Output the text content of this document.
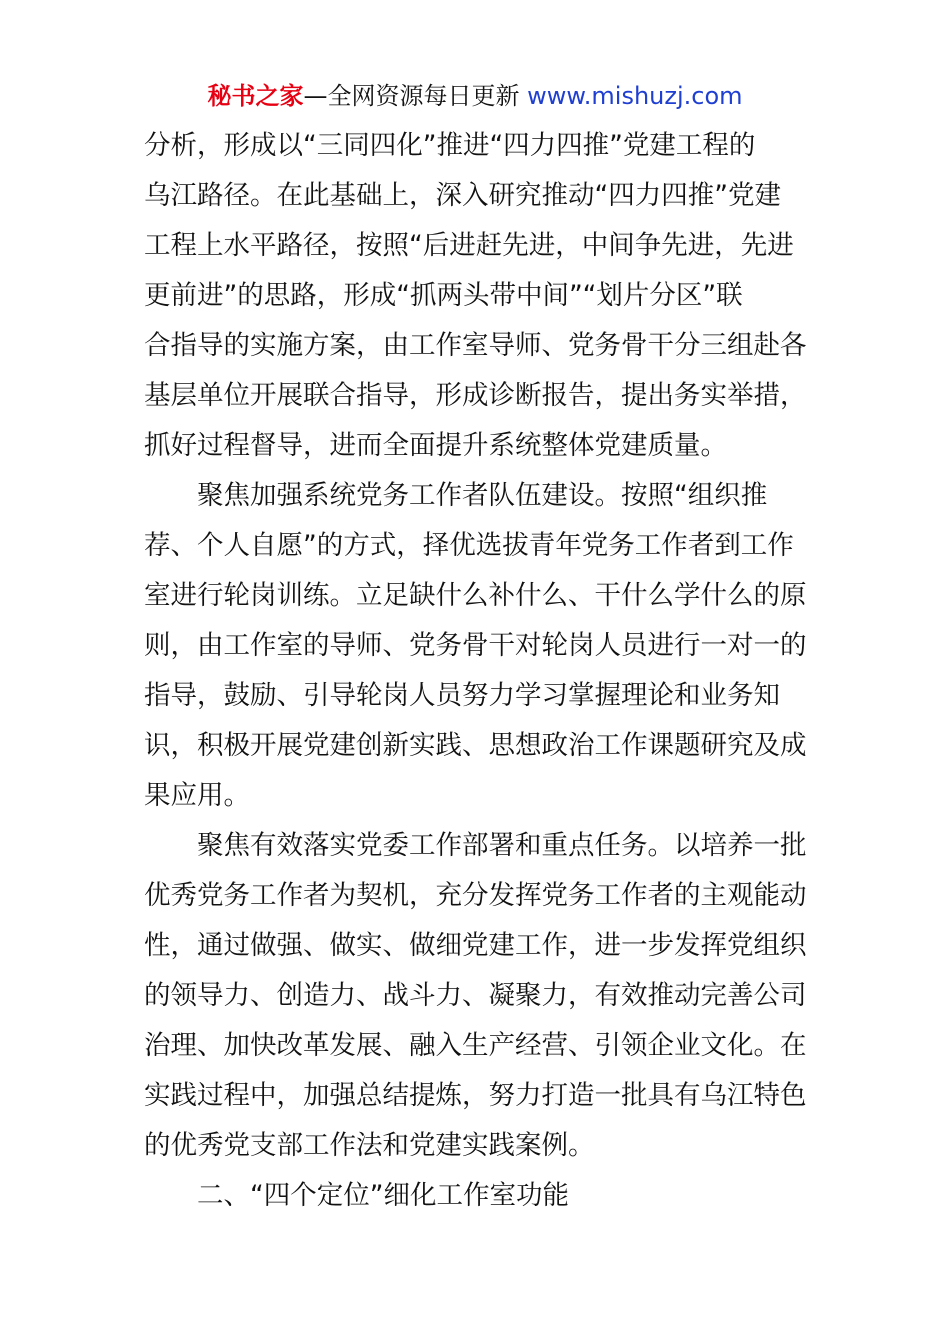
秘书之家—全网资源每日更新 www.mishuzj.com

分析，形成以“三同四化”推进“四力四推”党建工程的
乌江路径。在此基础上，深入研究推动“四力四推”党建
工程上水平路径，按照“后进赶先进，中间争先进，先进
更前进”的思路，形成“抓两头带中间”“划片分区”联
合指导的实施方案，由工作室导师、党务骨干分三组赴各
基层单位开展联合指导，形成诊断报告，提出务实举措，
抓好过程督导，进而全面提升系统整体党建质量。

聚焦加强系统党务工作者队伍建设。按照“组织推
荐、个人自愿”的方式，择优选拔青年党务工作者到工作
室进行轮岗训练。立足缺什么补什么、干什么学什么的原
则，由工作室的导师、党务骨干对轮岗人员进行一对一的
指导，鼓励、引导轮岗人员努力学习掌握理论和业务知
识，积极开展党建创新实践、思想政治工作课题研究及成
果应用。

聚焦有效落实党委工作部署和重点任务。以培养一批
优秀党务工作者为契机，充分发挥党务工作者的主观能动
性，通过做强、做实、做细党建工作，进一步发挥党组织
的领导力、创造力、战斗力、凝聚力，有效推动完善公司
治理、加快改革发展、融入生产经营、引领企业文化。在
实践过程中，加强总结提炼，努力打造一批具有乌江特色
的优秀党支部工作法和党建实践案例。

二、“四个定位”细化工作室功能
